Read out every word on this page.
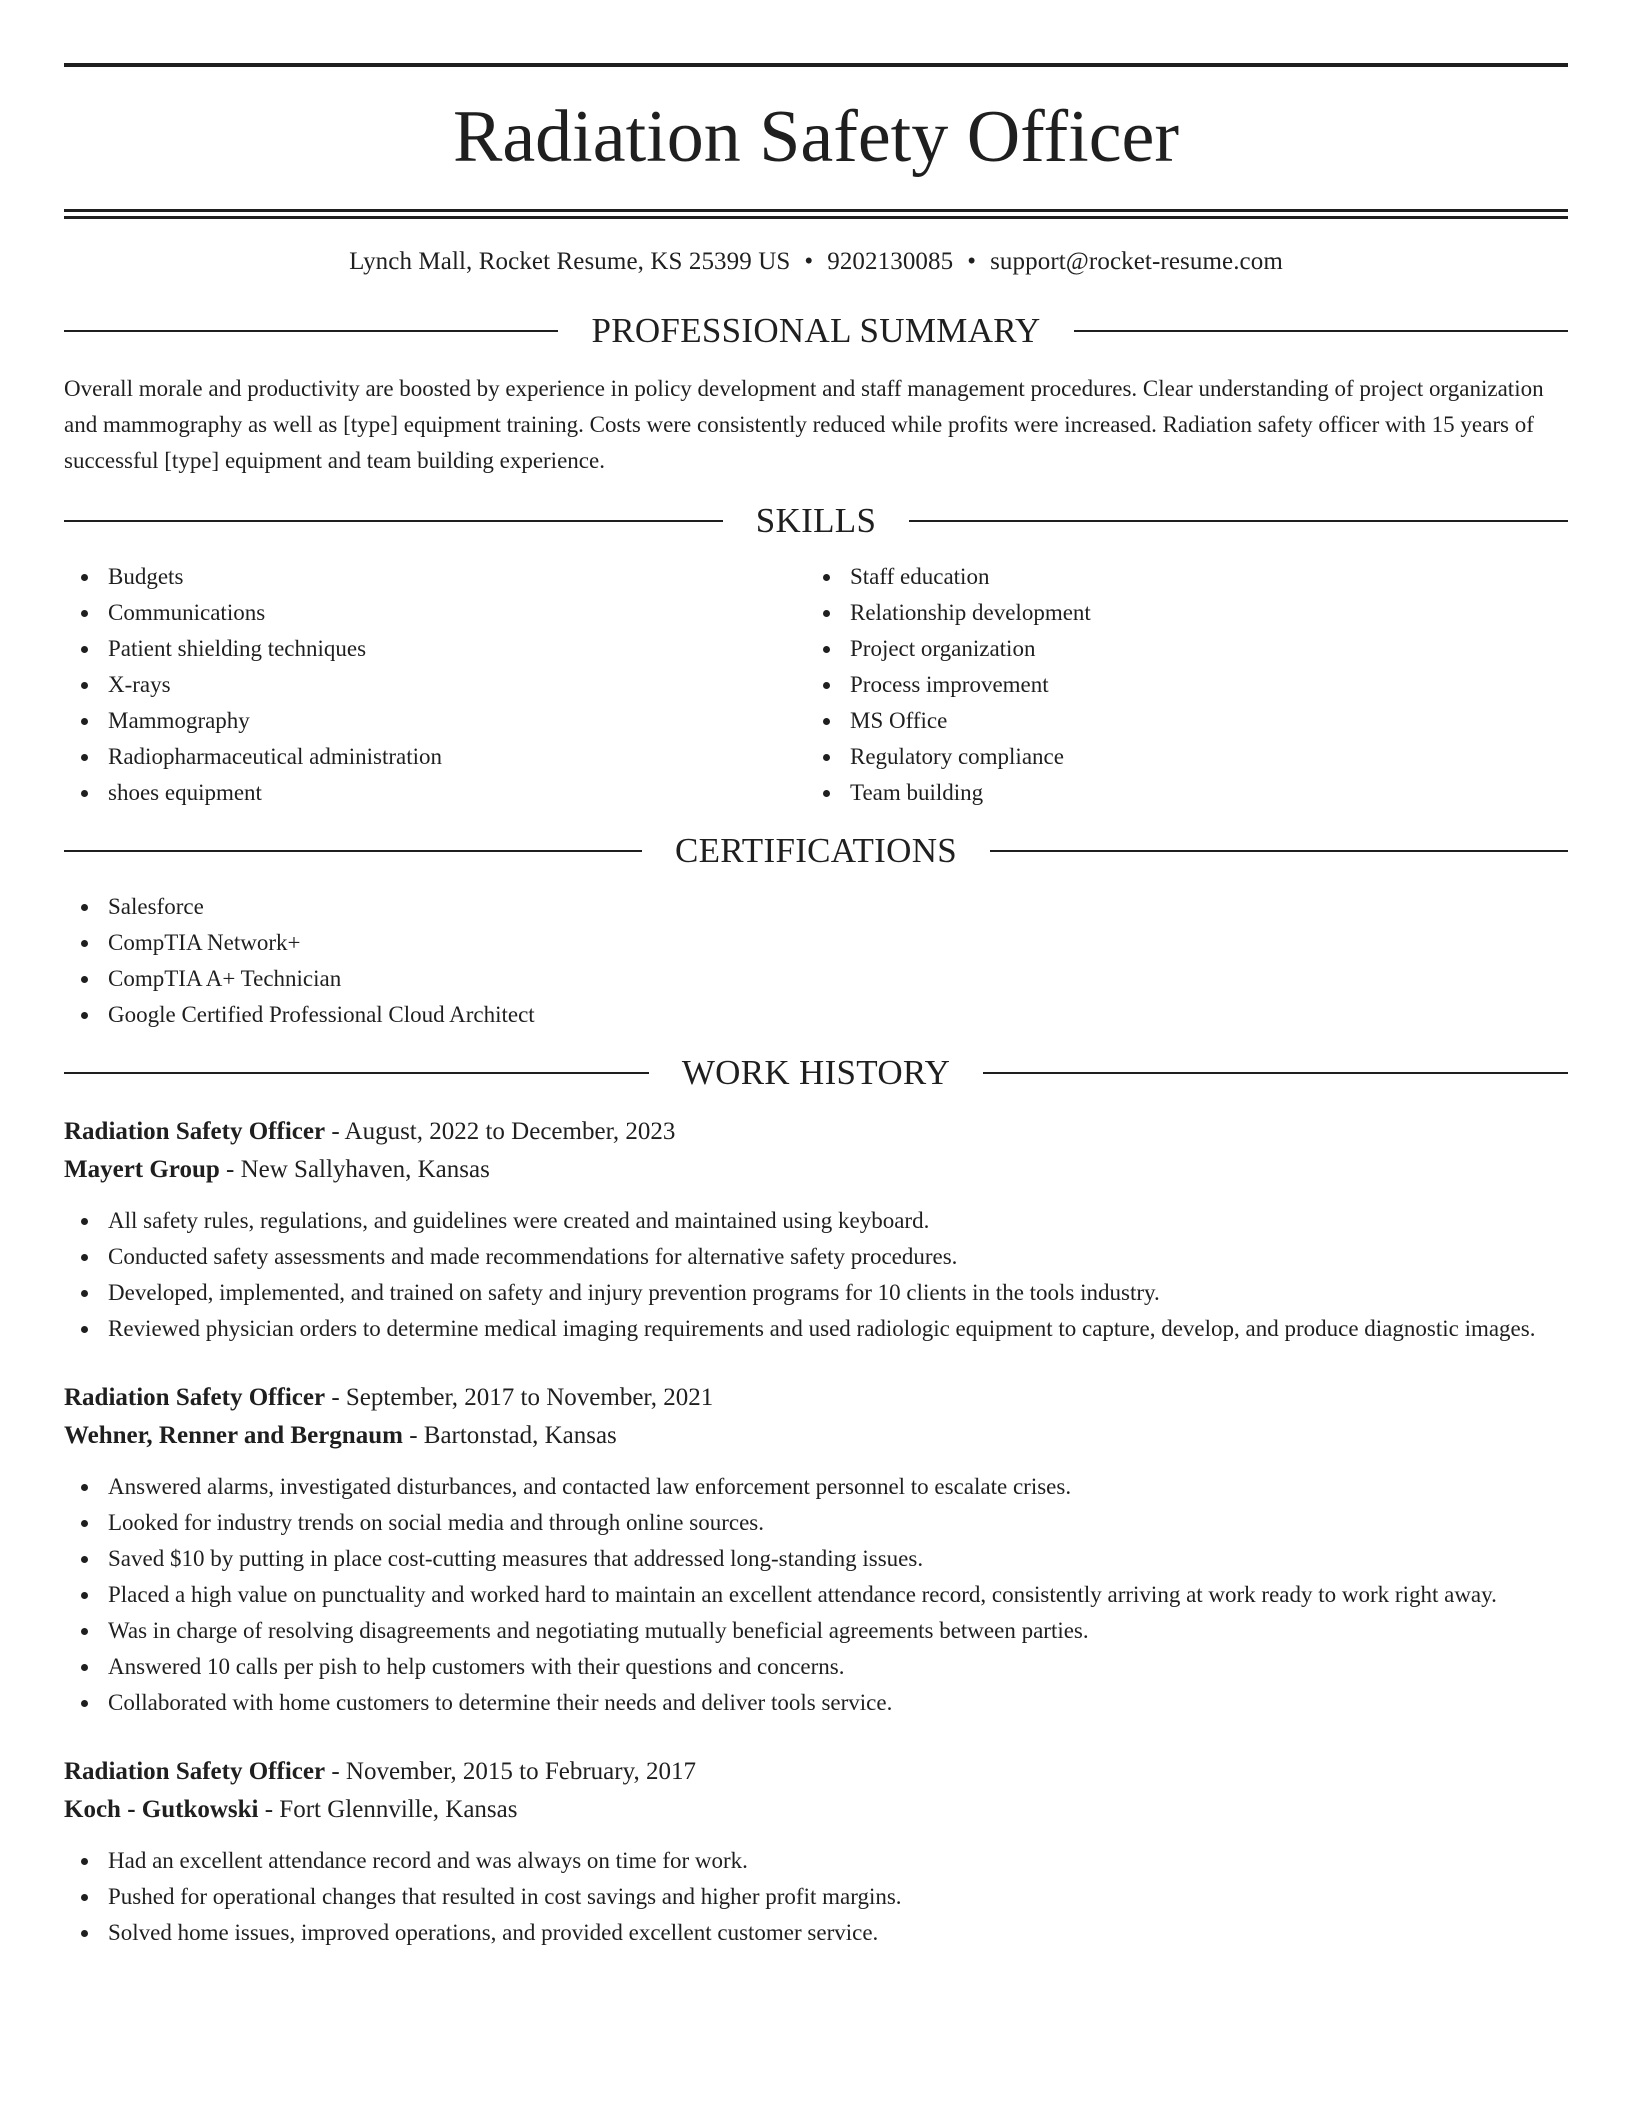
Radiation Safety Officer
Lynch Mall, Rocket Resume, KS 25399 US • 9202130085 • support@rocket-resume.com
PROFESSIONAL SUMMARY

Overall morale and productivity are boosted by experience in policy development and staff management procedures. Clear understanding of project organization and mammography as well as [type] equipment training. Costs were consistently reduced while profits were increased. Radiation safety officer with 15 years of successful [type] equipment and team building experience.

SKILLS
Budgets
Communications
Patient shielding techniques
X-rays
Mammography
Radiopharmaceutical administration
shoes equipment
Staff education
Relationship development
Project organization
Process improvement
MS Office
Regulatory compliance
Team building
CERTIFICATIONS
Salesforce
CompTIA Network+
CompTIA A+ Technician
Google Certified Professional Cloud Architect
WORK HISTORY
Radiation Safety Officer - August, 2022 to December, 2023
Mayert Group - New Sallyhaven, Kansas
All safety rules, regulations, and guidelines were created and maintained using keyboard.
Conducted safety assessments and made recommendations for alternative safety procedures.
Developed, implemented, and trained on safety and injury prevention programs for 10 clients in the tools industry.
Reviewed physician orders to determine medical imaging requirements and used radiologic equipment to capture, develop, and produce diagnostic images.
Radiation Safety Officer - September, 2017 to November, 2021
Wehner, Renner and Bergnaum - Bartonstad, Kansas
Answered alarms, investigated disturbances, and contacted law enforcement personnel to escalate crises.
Looked for industry trends on social media and through online sources.
Saved $10 by putting in place cost-cutting measures that addressed long-standing issues.
Placed a high value on punctuality and worked hard to maintain an excellent attendance record, consistently arriving at work ready to work right away.
Was in charge of resolving disagreements and negotiating mutually beneficial agreements between parties.
Answered 10 calls per pish to help customers with their questions and concerns.
Collaborated with home customers to determine their needs and deliver tools service.
Radiation Safety Officer - November, 2015 to February, 2017
Koch - Gutkowski - Fort Glennville, Kansas
Had an excellent attendance record and was always on time for work.
Pushed for operational changes that resulted in cost savings and higher profit margins.
Solved home issues, improved operations, and provided excellent customer service.
